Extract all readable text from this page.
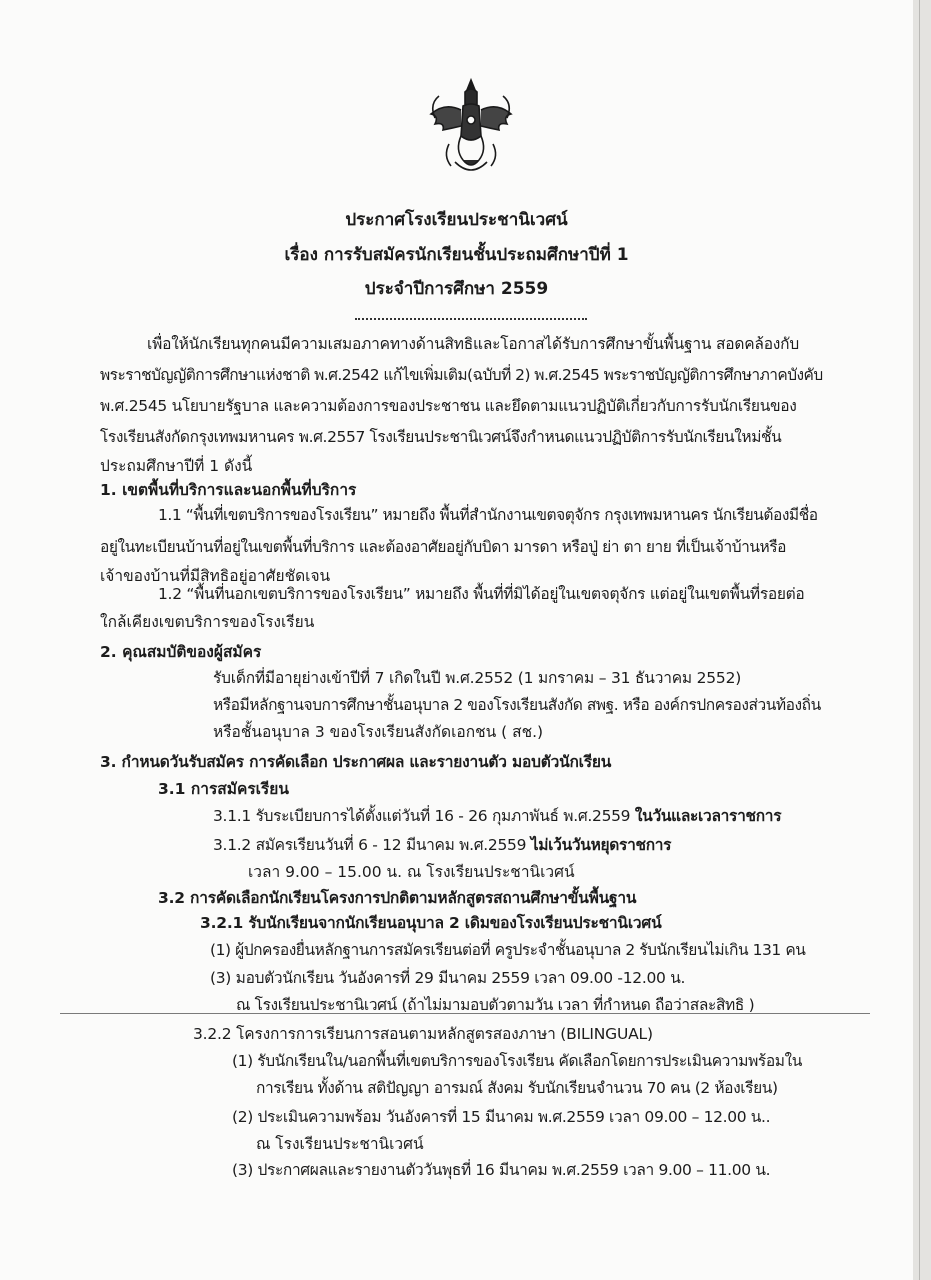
ประกาศโรงเรียนประชานิเวศน์
เรื่อง การรับสมัครนักเรียนชั้นประถมศึกษาปีที่ 1
ประจำปีการศึกษา 2559
เพื่อให้นักเรียนทุกคนมีความเสมอภาคทางด้านสิทธิและโอกาสได้รับการศึกษาขั้นพื้นฐาน สอดคล้องกับ
พระราชบัญญัติการศึกษาแห่งชาติ พ.ศ.2542 แก้ไขเพิ่มเติม(ฉบับที่ 2) พ.ศ.2545 พระราชบัญญัติการศึกษาภาคบังคับ
พ.ศ.2545 นโยบายรัฐบาล และความต้องการของประชาชน และยึดตามแนวปฏิบัติเกี่ยวกับการรับนักเรียนของ
โรงเรียนสังกัดกรุงเทพมหานคร พ.ศ.2557 โรงเรียนประชานิเวศน์จึงกำหนดแนวปฏิบัติการรับนักเรียนใหม่ชั้น
ประถมศึกษาปีที่ 1 ดังนี้
1. เขตพื้นที่บริการและนอกพื้นที่บริการ
1.1 “พื้นที่เขตบริการของโรงเรียน” หมายถึง พื้นที่สำนักงานเขตจตุจักร กรุงเทพมหานคร นักเรียนต้องมีชื่อ
อยู่ในทะเบียนบ้านที่อยู่ในเขตพื้นที่บริการ และต้องอาศัยอยู่กับบิดา มารดา หรือปู่ ย่า ตา ยาย ที่เป็นเจ้าบ้านหรือ
เจ้าของบ้านที่มีสิทธิอยู่อาศัยชัดเจน
1.2 “พื้นที่นอกเขตบริการของโรงเรียน” หมายถึง พื้นที่ที่มิได้อยู่ในเขตจตุจักร แต่อยู่ในเขตพื้นที่รอยต่อ
ใกล้เคียงเขตบริการของโรงเรียน
2. คุณสมบัติของผู้สมัคร
รับเด็กที่มีอายุย่างเข้าปีที่ 7 เกิดในปี พ.ศ.2552 (1 มกราคม – 31 ธันวาคม 2552)
หรือมีหลักฐานจบการศึกษาชั้นอนุบาล 2 ของโรงเรียนสังกัด สพฐ. หรือ องค์กรปกครองส่วนท้องถิ่น
หรือชั้นอนุบาล 3 ของโรงเรียนสังกัดเอกชน ( สช.)
3. กำหนดวันรับสมัคร การคัดเลือก ประกาศผล และรายงานตัว มอบตัวนักเรียน
3.1 การสมัครเรียน
3.1.1 รับระเบียบการได้ตั้งแต่วันที่ 16 - 26 กุมภาพันธ์ พ.ศ.2559 ในวันและเวลาราชการ
3.1.2 สมัครเรียนวันที่ 6 - 12 มีนาคม พ.ศ.2559 ไม่เว้นวันหยุดราชการ
เวลา 9.00 – 15.00 น. ณ โรงเรียนประชานิเวศน์
3.2 การคัดเลือกนักเรียนโครงการปกติตามหลักสูตรสถานศึกษาขั้นพื้นฐาน
3.2.1 รับนักเรียนจากนักเรียนอนุบาล 2 เดิมของโรงเรียนประชานิเวศน์
(1) ผู้ปกครองยื่นหลักฐานการสมัครเรียนต่อที่ ครูประจำชั้นอนุบาล 2 รับนักเรียนไม่เกิน 131 คน
(3) มอบตัวนักเรียน วันอังคารที่ 29 มีนาคม 2559 เวลา 09.00 -12.00 น.
ณ โรงเรียนประชานิเวศน์ (ถ้าไม่มามอบตัวตามวัน เวลา ที่กำหนด ถือว่าสละสิทธิ )
3.2.2 โครงการการเรียนการสอนตามหลักสูตรสองภาษา (BILINGUAL)
(1) รับนักเรียนใน/นอกพื้นที่เขตบริการของโรงเรียน คัดเลือกโดยการประเมินความพร้อมใน
การเรียน ทั้งด้าน สติปัญญา อารมณ์ สังคม รับนักเรียนจำนวน 70 คน (2 ห้องเรียน)
(2) ประเมินความพร้อม วันอังคารที่ 15 มีนาคม พ.ศ.2559 เวลา 09.00 – 12.00 น..
ณ โรงเรียนประชานิเวศน์
(3) ประกาศผลและรายงานตัววันพุธที่ 16 มีนาคม พ.ศ.2559 เวลา 9.00 – 11.00 น.
